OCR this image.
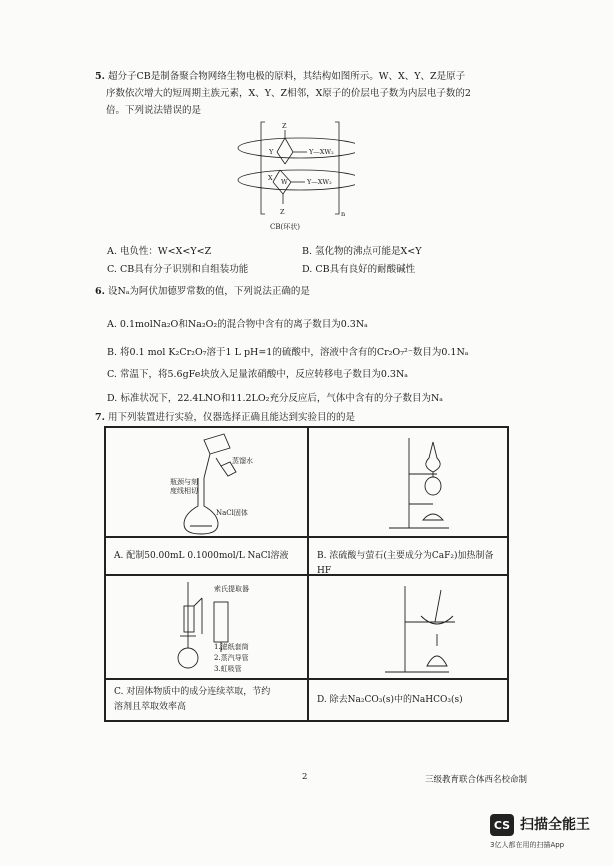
5. 超分子CB是制备聚合物网络生物电极的原料，其结构如图所示。W、X、Y、Z是原子
序数依次增大的短周期主族元素，X、Y、Z相邻，X原子的价层电子数为内层电子数的2
倍。下列说法错误的是
Z
Y	Y—XW₂
X W	Y—XW₂
Z	n
CB(环状)
A. 电负性：W<X<Y<Z	B. 氢化物的沸点可能是X<Y
C. CB具有分子识别和自组装功能	D. CB具有良好的耐酸碱性
6. 设Nₐ为阿伏加德罗常数的值，下列说法正确的是
A. 0.1molNa₂O和Na₂O₂的混合物中含有的离子数目为0.3Nₐ
B. 将0.1 mol K₂Cr₂O₇溶于1 L pH=1的硫酸中，溶液中含有的Cr₂O₇²⁻数目为0.1Nₐ
C. 常温下，将5.6gFe块放入足量浓硝酸中，反应转移电子数目为0.3Nₐ
D. 标准状况下，22.4LNO和11.2LO₂充分反应后，气体中含有的分子数目为Nₐ
7. 用下列装置进行实验，仪器选择正确且能达到实验目的的是
蒸馏水
瓶颈与刻度线相切
NaCl固体
A. 配制50.00mL 0.1000mol/L NaCl溶液	B. 浓硫酸与萤石(主要成分为CaF₂)加热制备HF
索氏提取器
1.滤纸套筒
2.蒸汽导管
3.虹吸管
C. 对固体物质中的成分连续萃取，节约
溶剂且萃取效率高
D. 除去Na₂CO₃(s)中的NaHCO₃(s)
2	三级教育联合体西名校命制
CS 扫描全能王
3亿人都在用的扫描App
